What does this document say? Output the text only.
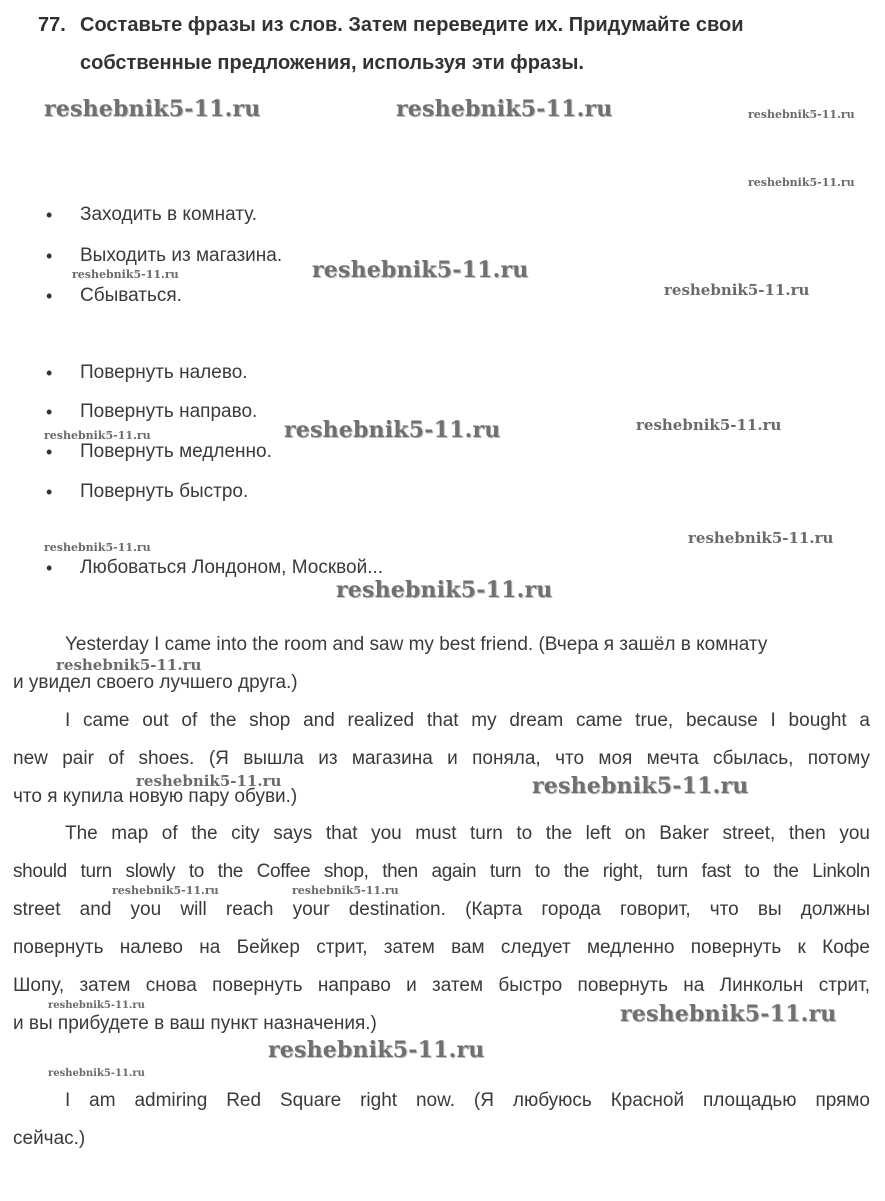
77. Составьте фразы из слов. Затем переведите их. Придумайте свои
собственные предложения, используя эти фразы.
• Заходить в комнату.
• Выходить из магазина.
• Сбываться.
• Повернуть налево.
• Повернуть направо.
• Повернуть медленно.
• Повернуть быстро.
• Любоваться Лондоном, Москвой...
Yesterday I came into the room and saw my best friend. (Вчера я зашёл в комнату
и увидел своего лучшего друга.)
I came out of the shop and realized that my dream came true, because I bought a
new pair of shoes. (Я вышла из магазина и поняла, что моя мечта сбылась, потому
что я купила новую пару обуви.)
The map of the city says that you must turn to the left on Baker street, then you
should turn slowly to the Coffee shop, then again turn to the right, turn fast to the Linkoln
street and you will reach your destination. (Карта города говорит, что вы должны
повернуть налево на Бейкер стрит, затем вам следует медленно повернуть к Кофе
Шопу, затем снова повернуть направо и затем быстро повернуть на Линкольн стрит,
и вы прибудете в ваш пункт назначения.)
I am admiring Red Square right now. (Я любуюсь Красной площадью прямо
сейчас.)
reshebnik5-11.ru	reshebnik5-11.ru	reshebnik5-11.ru
reshebnik5-11.ru
reshebnik5-11.ru	reshebnik5-11.ru
reshebnik5-11.ru
reshebnik5-11.ru	reshebnik5-11.ru	reshebnik5-11.ru
reshebnik5-11.ru
reshebnik5-11.ru
reshebnik5-11.ru
reshebnik5-11.ru
reshebnik5-11.ru	reshebnik5-11.ru
reshebnik5-11.ru	reshebnik5-11.ru
reshebnik5-11.ru	reshebnik5-11.ru
reshebnik5-11.ru
reshebnik5-11.ru
